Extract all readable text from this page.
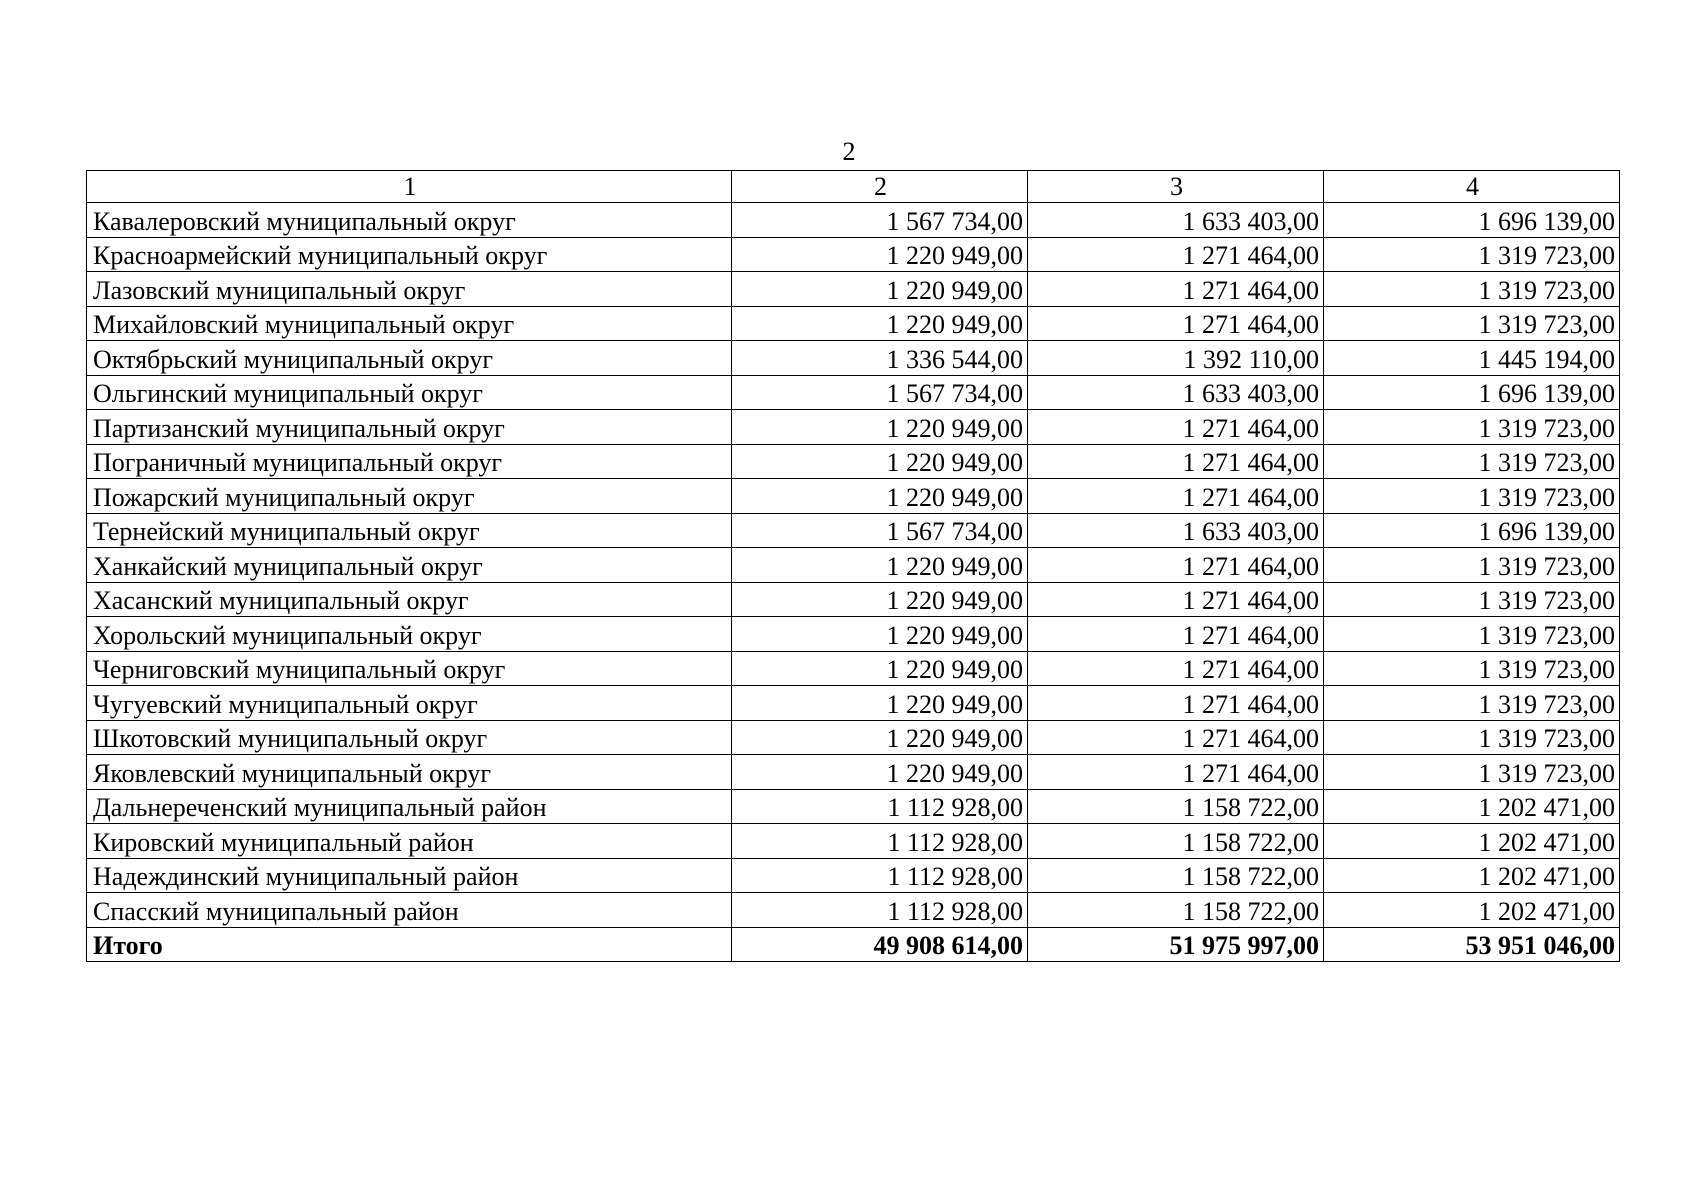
2
1	2	3	4
Кавалеровский муниципальный округ	1 567 734,00	1 633 403,00	1 696 139,00
Красноармейский муниципальный округ	1 220 949,00	1 271 464,00	1 319 723,00
Лазовский муниципальный округ	1 220 949,00	1 271 464,00	1 319 723,00
Михайловский муниципальный округ	1 220 949,00	1 271 464,00	1 319 723,00
Октябрьский муниципальный округ	1 336 544,00	1 392 110,00	1 445 194,00
Ольгинский муниципальный округ	1 567 734,00	1 633 403,00	1 696 139,00
Партизанский муниципальный округ	1 220 949,00	1 271 464,00	1 319 723,00
Пограничный муниципальный округ	1 220 949,00	1 271 464,00	1 319 723,00
Пожарский муниципальный округ	1 220 949,00	1 271 464,00	1 319 723,00
Тернейский муниципальный округ	1 567 734,00	1 633 403,00	1 696 139,00
Ханкайский муниципальный округ	1 220 949,00	1 271 464,00	1 319 723,00
Хасанский муниципальный округ	1 220 949,00	1 271 464,00	1 319 723,00
Хорольский муниципальный округ	1 220 949,00	1 271 464,00	1 319 723,00
Черниговский муниципальный округ	1 220 949,00	1 271 464,00	1 319 723,00
Чугуевский муниципальный округ	1 220 949,00	1 271 464,00	1 319 723,00
Шкотовский муниципальный округ	1 220 949,00	1 271 464,00	1 319 723,00
Яковлевский муниципальный округ	1 220 949,00	1 271 464,00	1 319 723,00
Дальнереченский муниципальный район	1 112 928,00	1 158 722,00	1 202 471,00
Кировский муниципальный район	1 112 928,00	1 158 722,00	1 202 471,00
Надеждинский муниципальный район	1 112 928,00	1 158 722,00	1 202 471,00
Спасский муниципальный район	1 112 928,00	1 158 722,00	1 202 471,00
Итого	49 908 614,00	51 975 997,00	53 951 046,00
